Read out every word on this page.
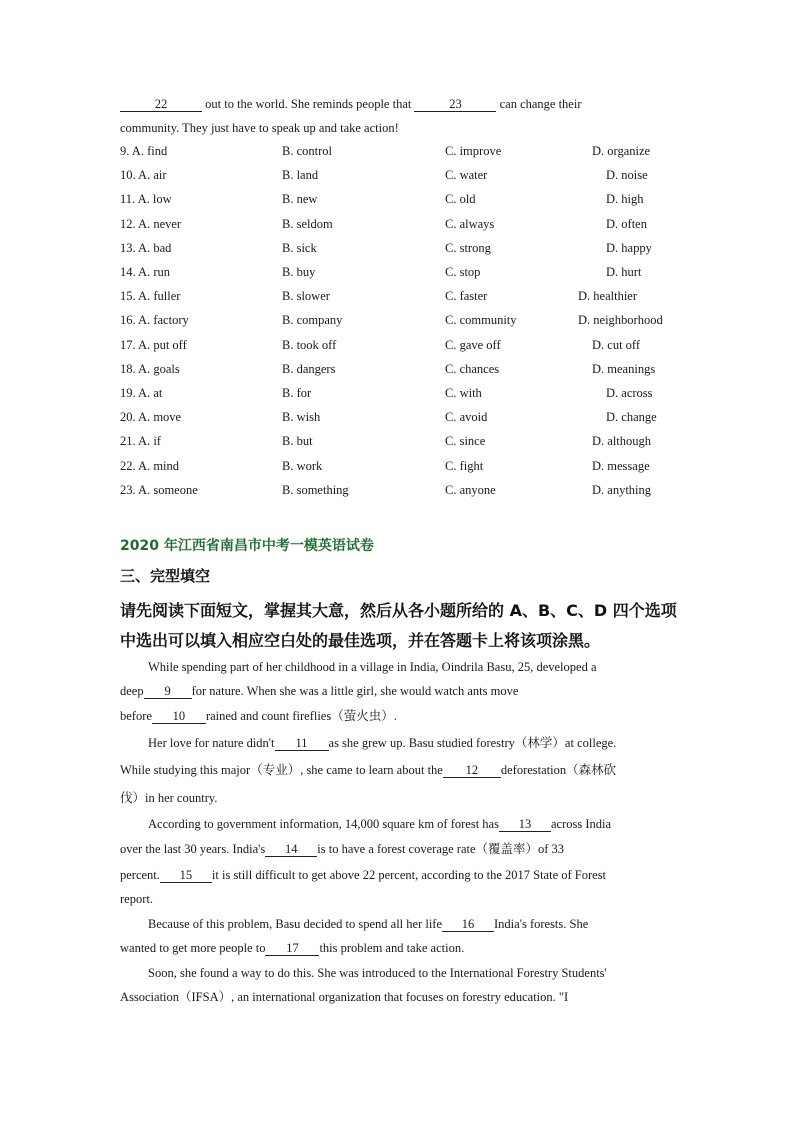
22	out to the world. She reminds people that	23	can change their
community. They just have to speak up and take action!
9. A. find	B. control	C. improve	D. organize
10. A. air	B. land	C. water	D. noise
11. A. low	B. new	C. old	D. high
12. A. never	B. seldom	C. always	D. often
13. A. bad	B. sick	C. strong	D. happy
14. A. run	B. buy	C. stop	D. hurt
15. A. fuller	B. slower	C. faster	D. healthier
16. A. factory	B. company	C. community	D. neighborhood
17. A. put off	B. took off	C. gave off	D. cut off
18. A. goals	B. dangers	C. chances	D. meanings
19. A. at	B. for	C. with	D. across
20. A. move	B. wish	C. avoid	D. change
21. A. if	B. but	C. since	D. although
22. A. mind	B. work	C. fight	D. message
23. A. someone	B. something	C. anyone	D. anything
2020 年江西省南昌市中考一模英语试卷
三、完型填空
请先阅读下面短文，掌握其大意，然后从各小题所给的 A、B、C、D 四个选项
中选出可以填入相应空白处的最佳选项，并在答题卡上将该项涂黑。
While spending part of her childhood in a village in India, Oindrila Basu, 25, developed a
deep 9 for nature. When she was a little girl, she would watch ants move
before 10 rained and count fireflies（萤火虫）.
Her love for nature didn't 11 as she grew up. Basu studied forestry（林学）at college.
While studying this major（专业）, she came to learn about the 12 deforestation（森林砍
伐）in her country.
According to government information, 14,000 square km of forest has 13 across India
over the last 30 years. India's 14 is to have a forest coverage rate（覆盖率）of 33
percent. 15 it is still difficult to get above 22 percent, according to the 2017 State of Forest
report.
Because of this problem, Basu decided to spend all her life 16 India's forests. She
wanted to get more people to 17 this problem and take action.
Soon, she found a way to do this. She was introduced to the International Forestry Students'
Association（IFSA）, an international organization that focuses on forestry education. "I
